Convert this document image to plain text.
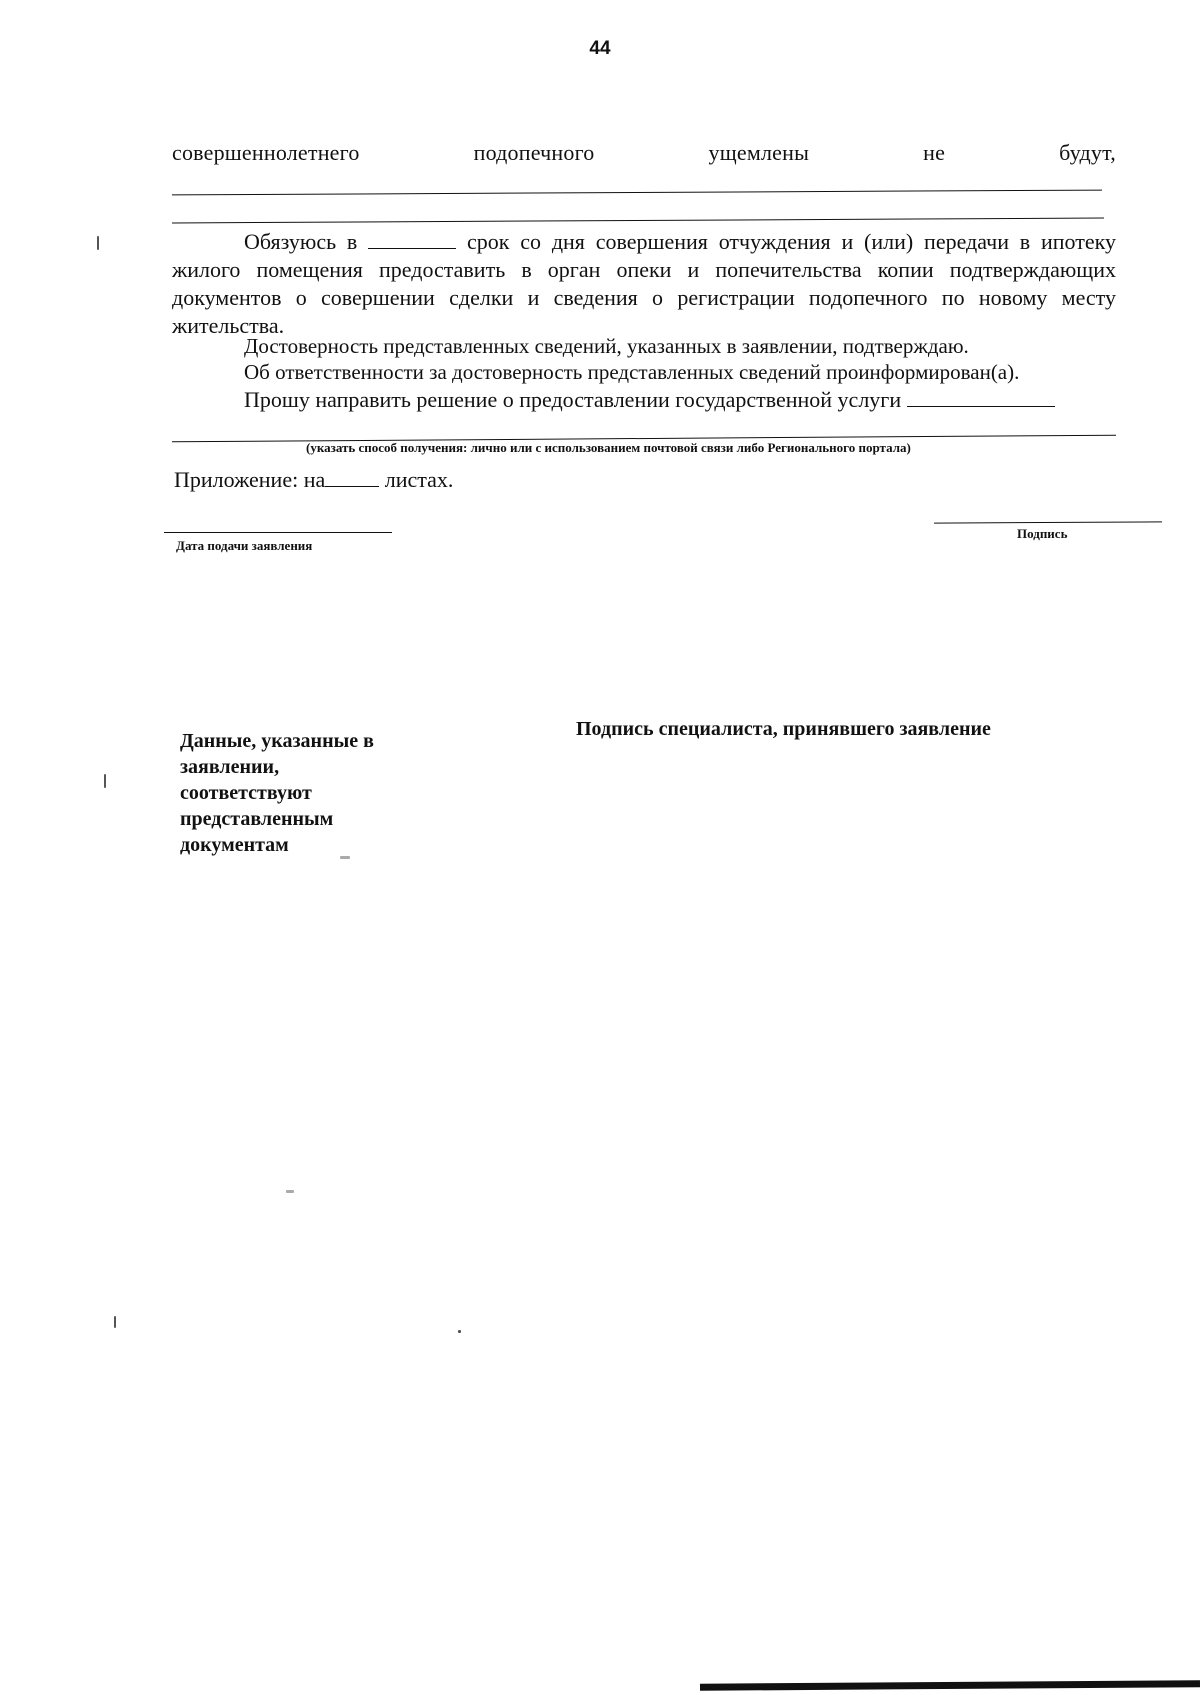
44
совершеннолетнего	подопечного	ущемлены	не	будут,
Обязуюсь в	срок со дня совершения отчуждения и (или) передачи в ипотеку жилого помещения предоставить в орган опеки и попечительства копии подтверждающих документов о совершении сделки и сведения о регистрации подопечного по новому месту жительства.
Достоверность представленных сведений, указанных в заявлении, подтверждаю.
Об ответственности за достоверность представленных сведений проинформирован(а).
Прошу направить решение о предоставлении государственной услуги
(указать способ получения: лично или с использованием почтовой связи либо Регионального портала)
Приложение: на	листах.
Дата подачи заявления
Подпись
Данные, указанные в заявлении, соответствуют представленным документам
Подпись специалиста, принявшего заявление
